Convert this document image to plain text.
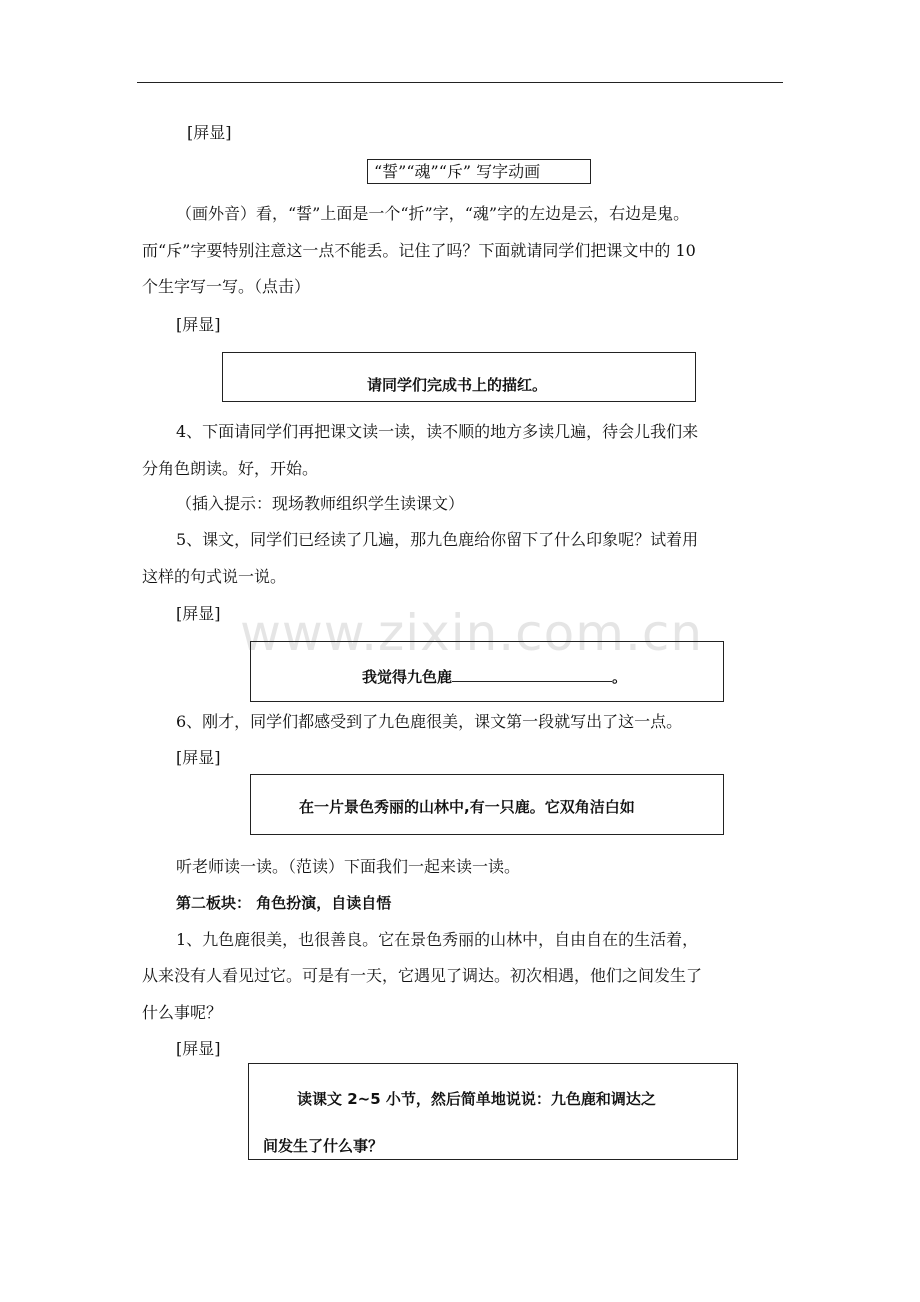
www.zixin.com.cn
[屏显]
“誓”“魂”“斥” 写字动画
（画外音）看，“誓”上面是一个“折”字，“魂”字的左边是云，右边是鬼。
而“斥”字要特别注意这一点不能丢。记住了吗？下面就请同学们把课文中的 10
个生字写一写。（点击）
[屏显]
请同学们完成书上的描红。
4、下面请同学们再把课文读一读，读不顺的地方多读几遍，待会儿我们来
分角色朗读。好，开始。
（插入提示：现场教师组织学生读课文）
5、课文，同学们已经读了几遍，那九色鹿给你留下了什么印象呢？试着用
这样的句式说一说。
[屏显]
我觉得九色鹿	。
6、刚才，同学们都感受到了九色鹿很美，课文第一段就写出了这一点。
[屏显]
在一片景色秀丽的山林中,有一只鹿。它双角洁白如
听老师读一读。（范读）下面我们一起来读一读。
第二板块： 角色扮演，自读自悟
1、九色鹿很美，也很善良。它在景色秀丽的山林中，自由自在的生活着，
从来没有人看见过它。可是有一天，它遇见了调达。初次相遇，他们之间发生了
什么事呢？
[屏显]
读课文 2~5 小节，然后简单地说说：九色鹿和调达之
间发生了什么事？
